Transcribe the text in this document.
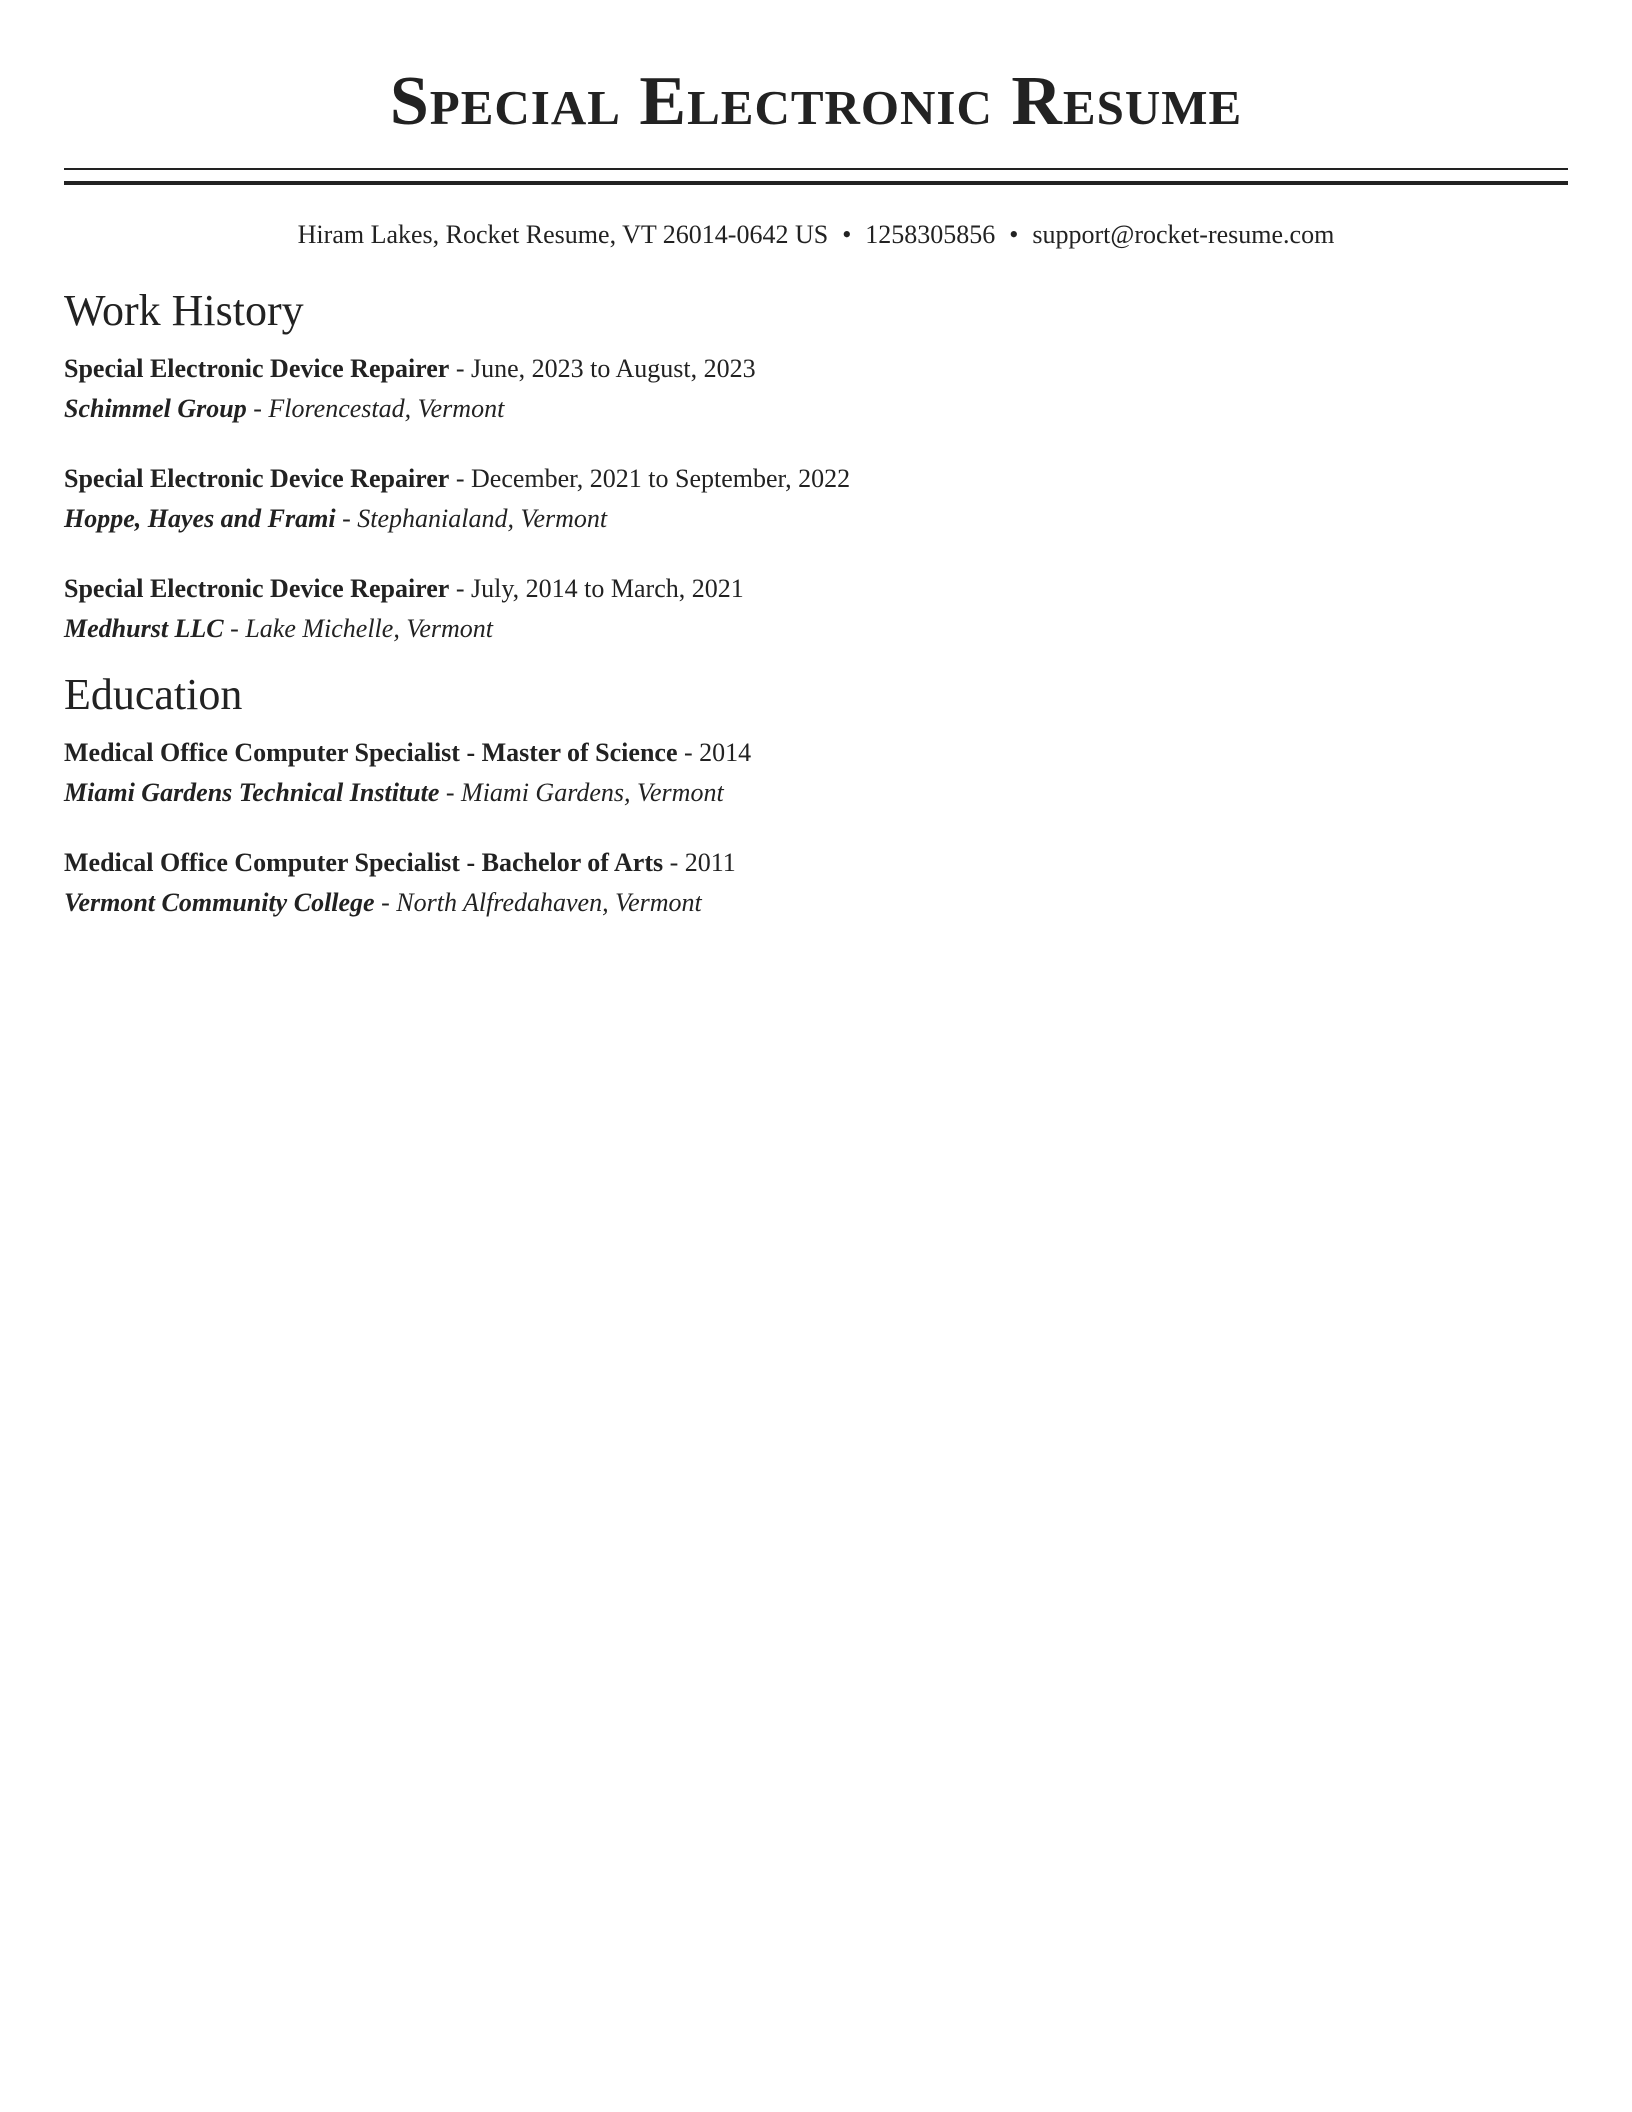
Special Electronic Resume
Hiram Lakes, Rocket Resume, VT 26014-0642 US • 1258305856 • support@rocket-resume.com
Work History
Special Electronic Device Repairer - June, 2023 to August, 2023
Schimmel Group - Florencestad, Vermont
Special Electronic Device Repairer - December, 2021 to September, 2022
Hoppe, Hayes and Frami - Stephanialand, Vermont
Special Electronic Device Repairer - July, 2014 to March, 2021
Medhurst LLC - Lake Michelle, Vermont
Education
Medical Office Computer Specialist - Master of Science - 2014
Miami Gardens Technical Institute - Miami Gardens, Vermont
Medical Office Computer Specialist - Bachelor of Arts - 2011
Vermont Community College - North Alfredahaven, Vermont
